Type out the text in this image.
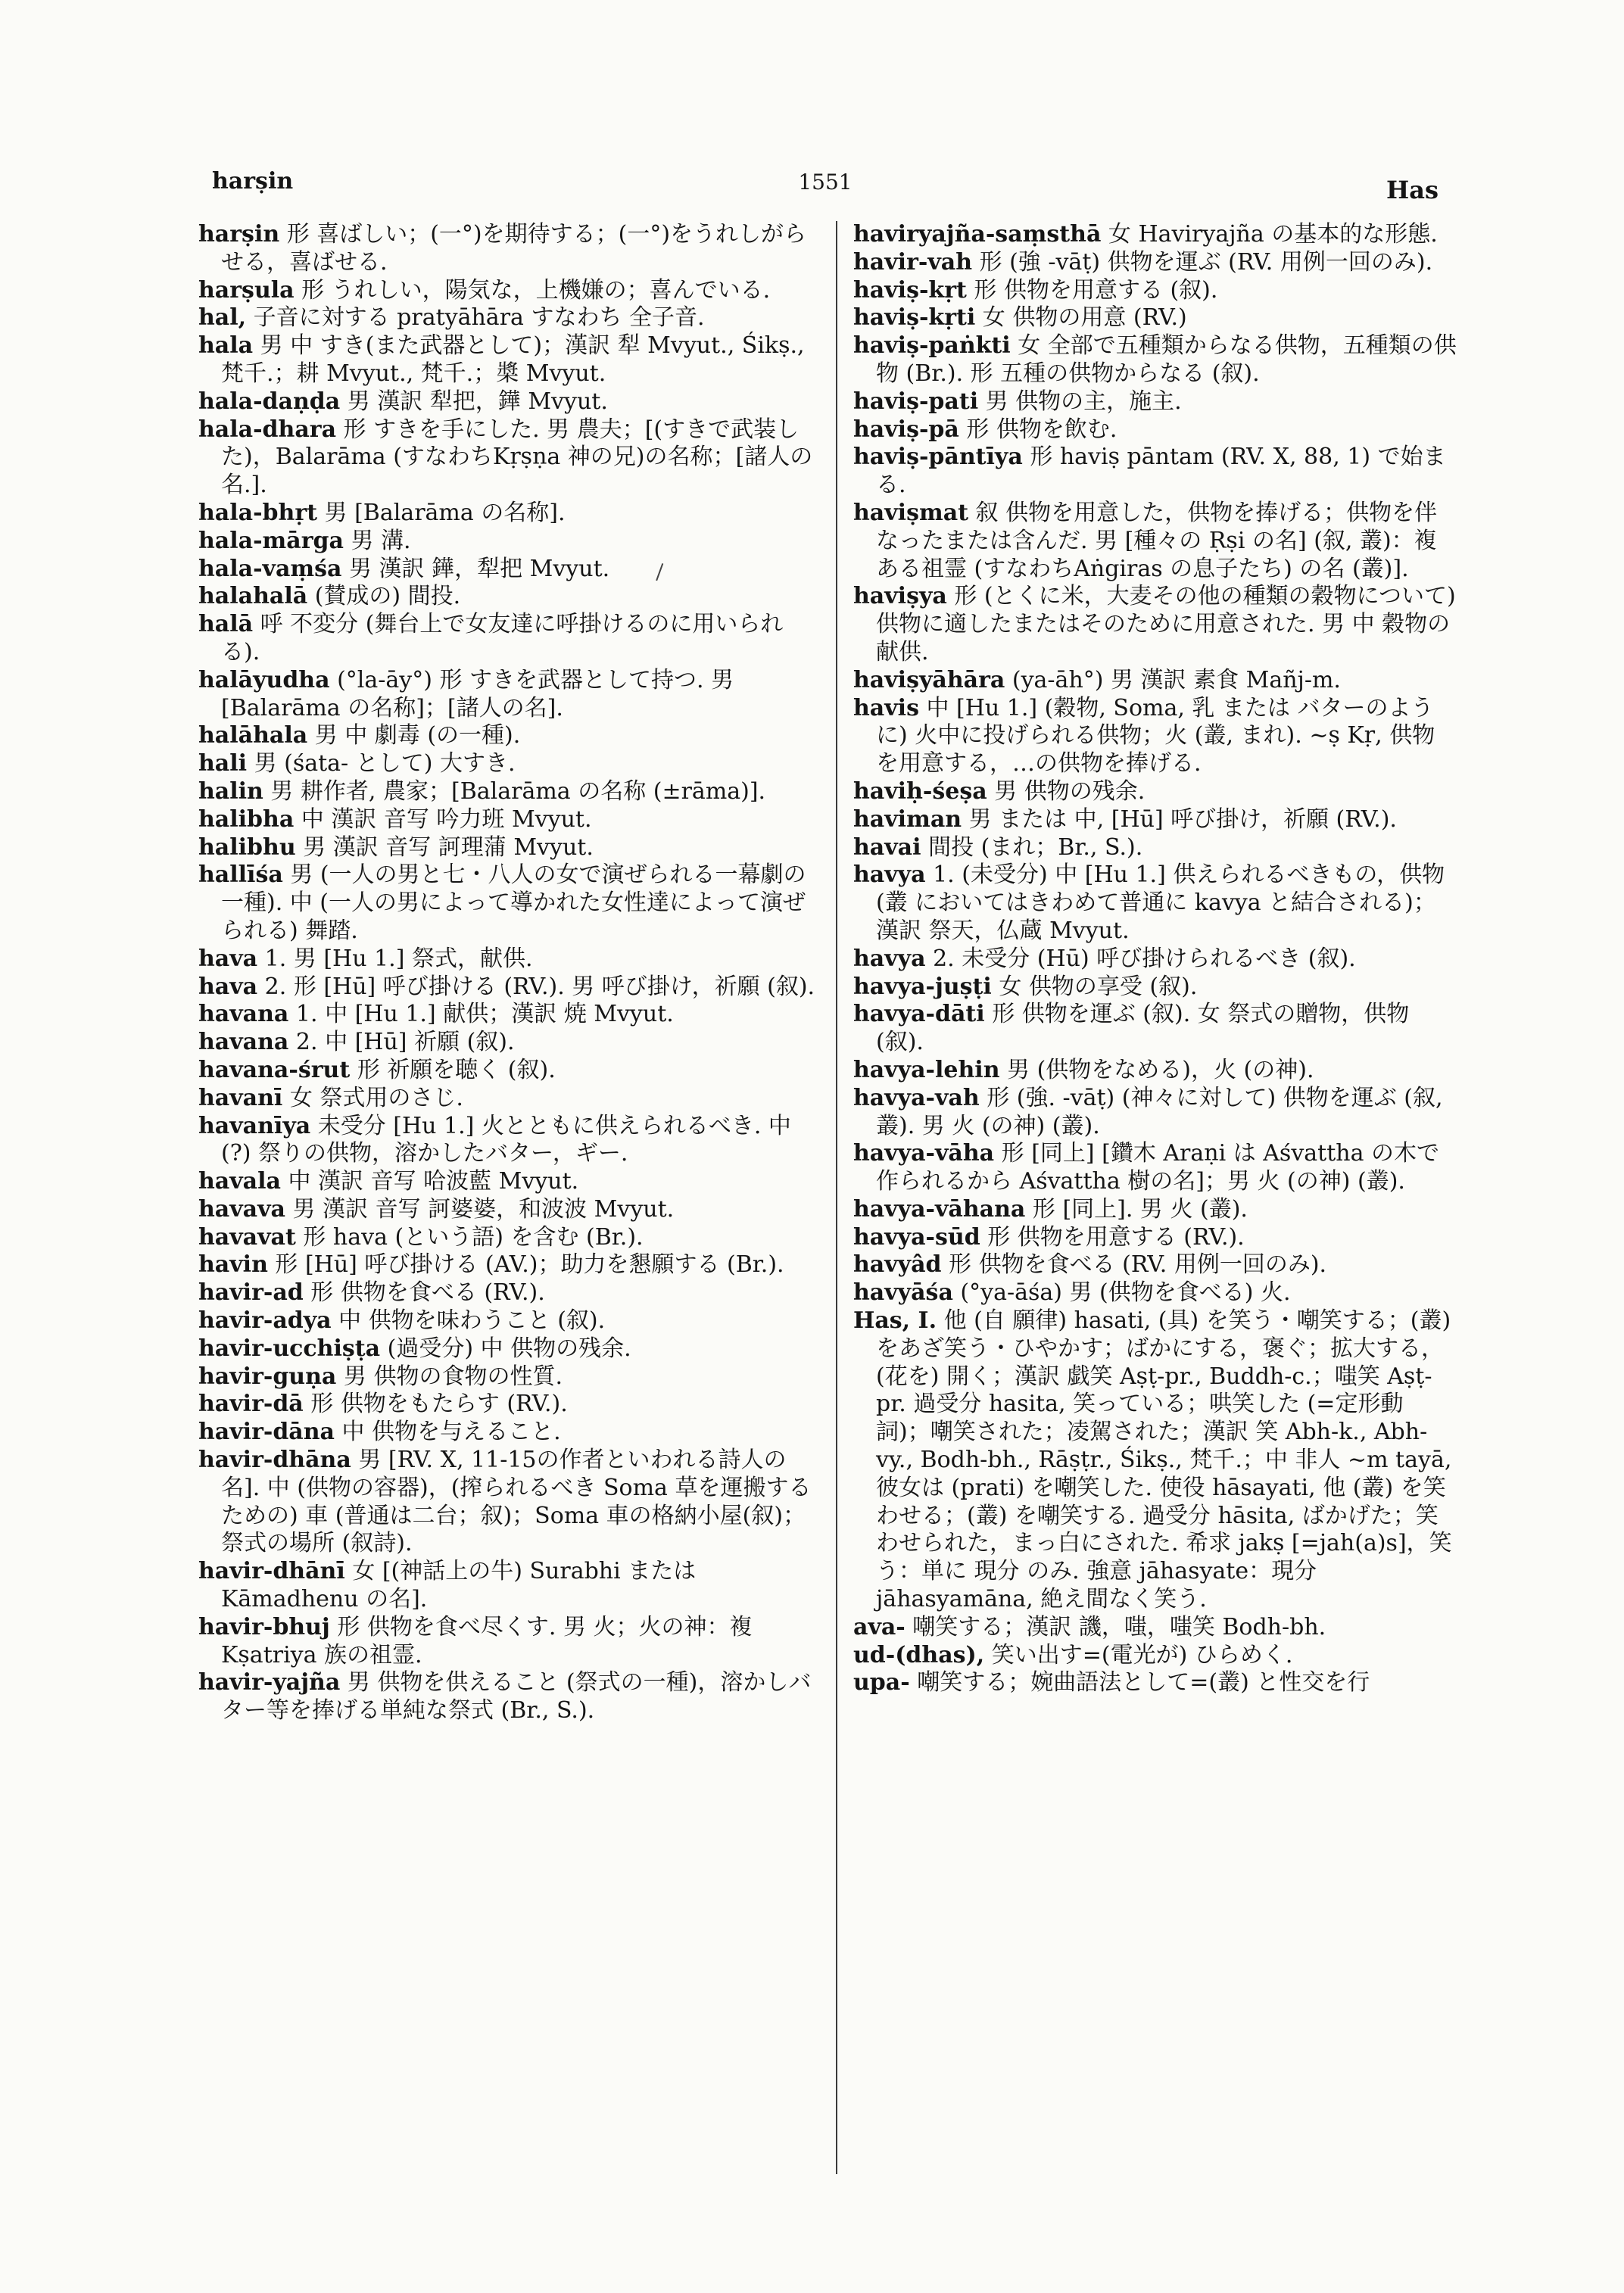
harṣin	1551	Has
harṣin 形 喜ばしい；(一°)を期待する；(一°)をうれしがらせる，喜ばせる.
harṣula 形 うれしい，陽気な，上機嫌の；喜んでいる.
hal, 子音に対する pratyāhāra すなわち 全子音.
hala 男 中 すき(また武器として)；漢訳 犁 Mvyut., Śikṣ., 梵千.；耕 Mvyut., 梵千.；槳 Mvyut.
hala-daṇḍa 男 漢訳 犁把，鏵 Mvyut.
hala-dhara 形 すきを手にした. 男 農夫；[(すきで武装した)，Balarāma (すなわちKṛṣṇa 神の兄)の名称；[諸人の名.].
hala-bhṛt 男 [Balarāma の名称].
hala-mārga 男 溝.
hala-vaṃśa 男 漢訳 鏵，犁把 Mvyut.
halahalā (賛成の) 間投.
halā 呼 不変分 (舞台上で女友達に呼掛けるのに用いられる).
halāyudha (°la-āy°) 形 すきを武器として持つ. 男 [Balarāma の名称]；[諸人の名].
halāhala 男 中 劇毒 (の一種).
hali 男 (śata- として) 大すき.
halin 男 耕作者, 農家；[Balarāma の名称 (±rāma)].
halibha 中 漢訳 音写 吟力班 Mvyut.
halibhu 男 漢訳 音写 訶理蒲 Mvyut.
hallīśa 男 (一人の男と七・八人の女で演ぜられる一幕劇の一種). 中 (一人の男によって導かれた女性達によって演ぜられる) 舞踏.
hava 1. 男 [Hu 1.] 祭式，献供.
hava 2. 形 [Hū] 呼び掛ける (RV.). 男 呼び掛け，祈願 (叙).
havana 1. 中 [Hu 1.] 献供；漢訳 焼 Mvyut.
havana 2. 中 [Hū] 祈願 (叙).
havana-śrut 形 祈願を聴く (叙).
havanī 女 祭式用のさじ.
havanīya 未受分 [Hu 1.] 火とともに供えられるべき. 中 (?) 祭りの供物，溶かしたバター，ギー.
havala 中 漢訳 音写 哈波藍 Mvyut.
havava 男 漢訳 音写 訶婆婆，和波波 Mvyut.
havavat 形 hava (という語) を含む (Br.).
havin 形 [Hū] 呼び掛ける (AV.)；助力を懇願する (Br.).
havir-ad 形 供物を食べる (RV.).
havir-adya 中 供物を味わうこと (叙).
havir-ucchiṣṭa (過受分) 中 供物の残余.
havir-guṇa 男 供物の食物の性質.
havir-dā 形 供物をもたらす (RV.).
havir-dāna 中 供物を与えること.
havir-dhāna 男 [RV. X, 11-15の作者といわれる詩人の名]. 中 (供物の容器)，(搾られるべき Soma 草を運搬するための) 車 (普通は二台；叙)；Soma 車の格納小屋(叙)；祭式の場所 (叙詩).
havir-dhānī 女 [(神話上の牛) Surabhi または Kāmadhenu の名].
havir-bhuj 形 供物を食べ尽くす. 男 火；火の神：複 Kṣatriya 族の祖霊.
havir-yajña 男 供物を供えること (祭式の一種)，溶かしバター等を捧げる単純な祭式 (Br., S.).
haviryajña-saṃsthā 女 Haviryajña の基本的な形態.
havir-vah 形 (強 -vāṭ) 供物を運ぶ (RV. 用例一回のみ).
haviṣ-kṛt 形 供物を用意する (叙).
haviṣ-kṛti 女 供物の用意 (RV.)
haviṣ-paṅkti 女 全部で五種類からなる供物，五種類の供物 (Br.). 形 五種の供物からなる (叙).
haviṣ-pati 男 供物の主，施主.
haviṣ-pā 形 供物を飲む.
haviṣ-pāntīya 形 haviṣ pāntam (RV. X, 88, 1) で始まる.
haviṣmat 叙 供物を用意した，供物を捧げる；供物を伴なったまたは含んだ. 男 [種々の Ṛṣi の名] (叙, 叢)：複 ある祖霊 (すなわちAṅgiras の息子たち) の名 (叢)].
haviṣya 形 (とくに米，大麦その他の種類の穀物について) 供物に適したまたはそのために用意された. 男 中 穀物の献供.
haviṣyāhāra (ya-āh°) 男 漢訳 素食 Mañj-m.
havis 中 [Hu 1.] (穀物, Soma, 乳 または バターのように) 火中に投げられる供物；火 (叢, まれ). ~ṣ Kṛ, 供物を用意する，…の供物を捧げる.
haviḥ-śeṣa 男 供物の残余.
haviman 男 または 中, [Hū] 呼び掛け，祈願 (RV.).
havai 間投 (まれ；Br., S.).
havya 1. (未受分) 中 [Hu 1.] 供えられるべきもの，供物 (叢 においてはきわめて普通に kavya と結合される)；漢訳 祭天，仏蔵 Mvyut.
havya 2. 未受分 (Hū) 呼び掛けられるべき (叙).
havya-juṣṭi 女 供物の享受 (叙).
havya-dāti 形 供物を運ぶ (叙). 女 祭式の贈物，供物 (叙).
havya-lehin 男 (供物をなめる)，火 (の神).
havya-vah 形 (強. -vāṭ) (神々に対して) 供物を運ぶ (叙, 叢). 男 火 (の神) (叢).
havya-vāha 形 [同上] [鑽木 Araṇi は Aśvattha の木で作られるから Aśvattha 樹の名]；男 火 (の神) (叢).
havya-vāhana 形 [同上]. 男 火 (叢).
havya-sūd 形 供物を用意する (RV.).
havyâd 形 供物を食べる (RV. 用例一回のみ).
havyāśa (°ya-āśa) 男 (供物を食べる) 火.
Has, I. 他 (自 願律) hasati, (具) を笑う・嘲笑する；(叢) をあざ笑う・ひやかす；ばかにする，褒ぐ；拡大する，(花を) 開く；漢訳 戯笑 Aṣṭ-pr., Buddh-c.；嗤笑 Aṣṭ-pr. 過受分 hasita, 笑っている；哄笑した (=定形動詞)；嘲笑された；凌駕された；漢訳 笑 Abh-k., Abh-vy., Bodh-bh., Rāṣṭr., Śikṣ., 梵千.；中 非人 ~m tayā, 彼女は (prati) を嘲笑した. 使役 hāsayati, 他 (叢) を笑わせる；(叢) を嘲笑する. 過受分 hāsita, ばかげた；笑わせられた，まっ白にされた. 希求 jakṣ [=jah(a)s]，笑う：単に 現分 のみ. 強意 jāhasyate：現分 jāhasyamāna, 絶え間なく笑う.
ava- 嘲笑する；漢訳 譏，嗤，嗤笑 Bodh-bh.
ud-(dhas), 笑い出す=(電光が) ひらめく.
upa- 嘲笑する；婉曲語法として=(叢) と性交を行
